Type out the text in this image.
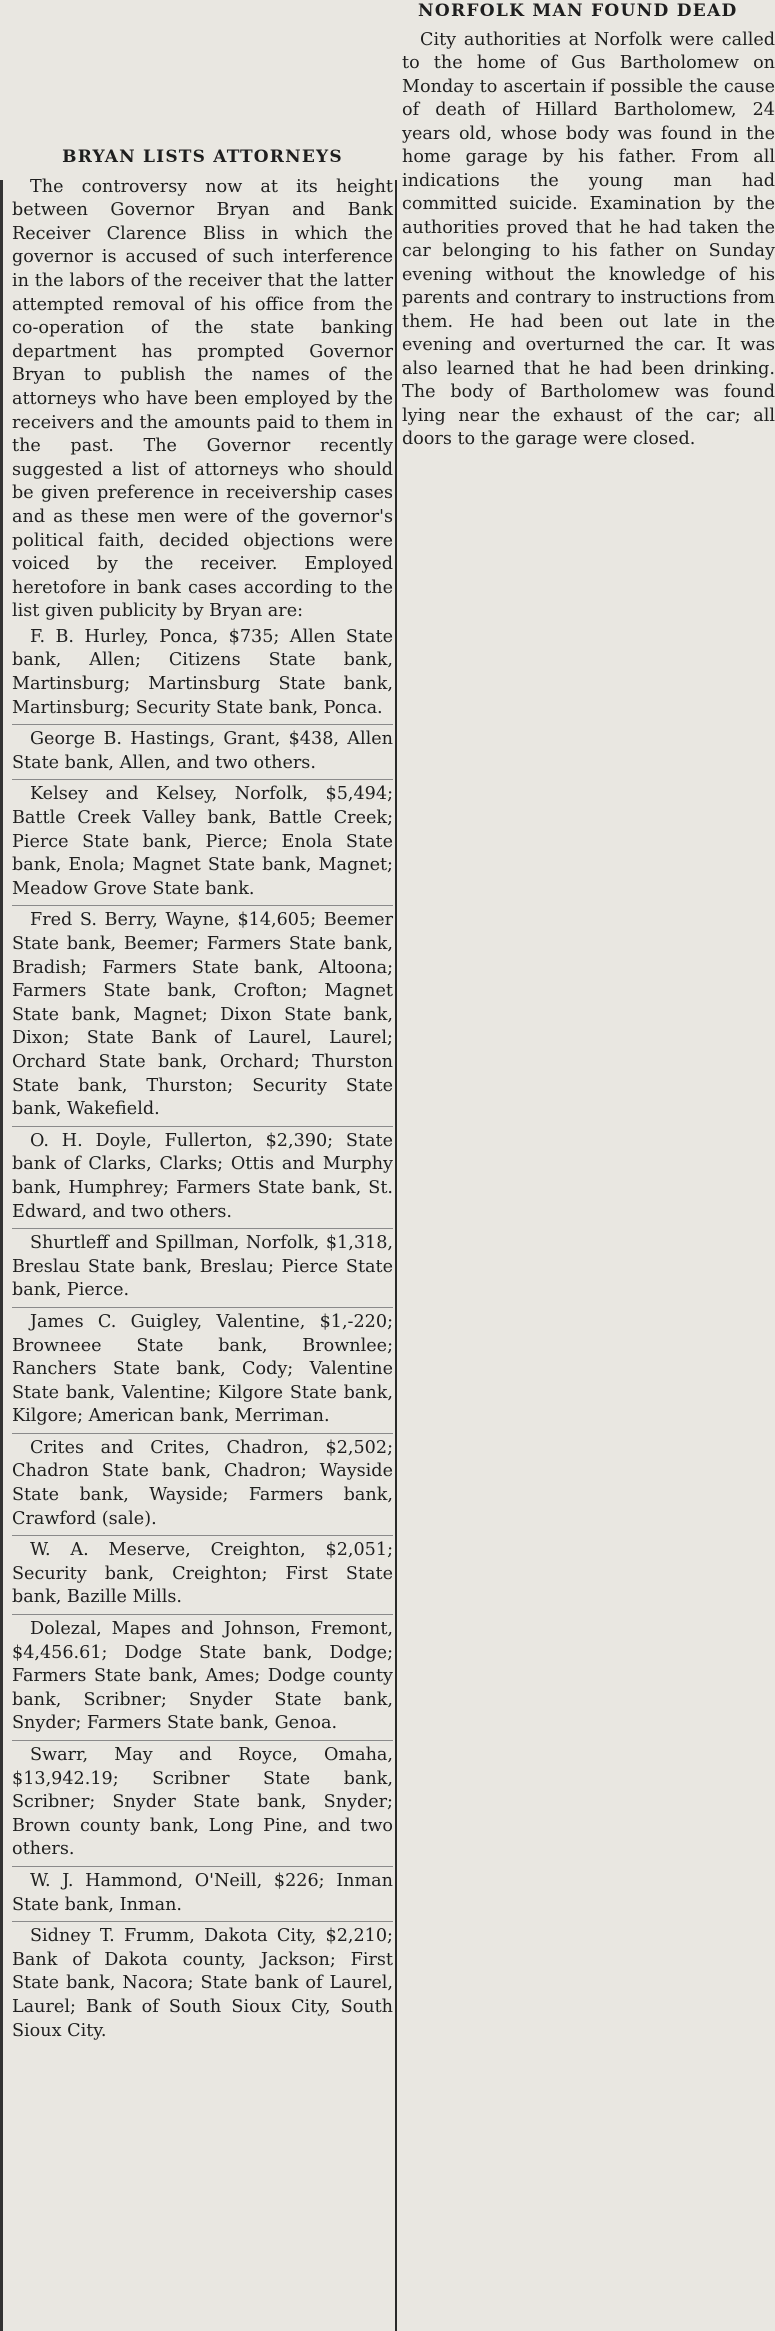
BRYAN LISTS ATTORNEYS

The controversy now at its height between Governor Bryan and Bank Receiver Clarence Bliss in which the governor is accused of such interference in the labors of the receiver that the latter attempted removal of his office from the co-operation of the state banking department has prompted Governor Bryan to publish the names of the attorneys who have been employed by the receivers and the amounts paid to them in the past. The Governor recently suggested a list of attorneys who should be given preference in receivership cases and as these men were of the governor's political faith, decided objections were voiced by the receiver. Employed heretofore in bank cases according to the list given publicity by Bryan are:

F. B. Hurley, Ponca, $735; Allen State bank, Allen; Citizens State bank, Martinsburg; Martinsburg State bank, Martinsburg; Security State bank, Ponca.

George B. Hastings, Grant, $438, Allen State bank, Allen, and two others.

Kelsey and Kelsey, Norfolk, $5,494; Battle Creek Valley bank, Battle Creek; Pierce State bank, Pierce; Enola State bank, Enola; Magnet State bank, Magnet; Meadow Grove State bank.

Fred S. Berry, Wayne, $14,605; Beemer State bank, Beemer; Farmers State bank, Bradish; Farmers State bank, Altoona; Farmers State bank, Crofton; Magnet State bank, Magnet; Dixon State bank, Dixon; State Bank of Laurel, Laurel; Orchard State bank, Orchard; Thurston State bank, Thurston; Security State bank, Wakefield.

O. H. Doyle, Fullerton, $2,390; State bank of Clarks, Clarks; Ottis and Murphy bank, Humphrey; Farmers State bank, St. Edward, and two others.

Shurtleff and Spillman, Norfolk, $1,318, Breslau State bank, Breslau; Pierce State bank, Pierce.

James C. Guigley, Valentine, $1,-220; Browneee State bank, Brownlee; Ranchers State bank, Cody; Valentine State bank, Valentine; Kilgore State bank, Kilgore; American bank, Merriman.

Crites and Crites, Chadron, $2,502; Chadron State bank, Chadron; Wayside State bank, Wayside; Farmers bank, Crawford (sale).

W. A. Meserve, Creighton, $2,051; Security bank, Creighton; First State bank, Bazille Mills.

Dolezal, Mapes and Johnson, Fremont, $4,456.61; Dodge State bank, Dodge; Farmers State bank, Ames; Dodge county bank, Scribner; Snyder State bank, Snyder; Farmers State bank, Genoa.

Swarr, May and Royce, Omaha, $13,942.19; Scribner State bank, Scribner; Snyder State bank, Snyder; Brown county bank, Long Pine, and two others.

W. J. Hammond, O'Neill, $226; Inman State bank, Inman.

Sidney T. Frumm, Dakota City, $2,210; Bank of Dakota county, Jackson; First State bank, Nacora; State bank of Laurel, Laurel; Bank of South Sioux City, South Sioux City.

NORFOLK MAN FOUND DEAD

City authorities at Norfolk were called to the home of Gus Bartholomew on Monday to ascertain if possible the cause of death of Hillard Bartholomew, 24 years old, whose body was found in the home garage by his father. From all indications the young man had committed suicide. Examination by the authorities proved that he had taken the car belonging to his father on Sunday evening without the knowledge of his parents and contrary to instructions from them. He had been out late in the evening and overturned the car. It was also learned that he had been drinking. The body of Bartholomew was found lying near the exhaust of the car; all doors to the garage were closed.
